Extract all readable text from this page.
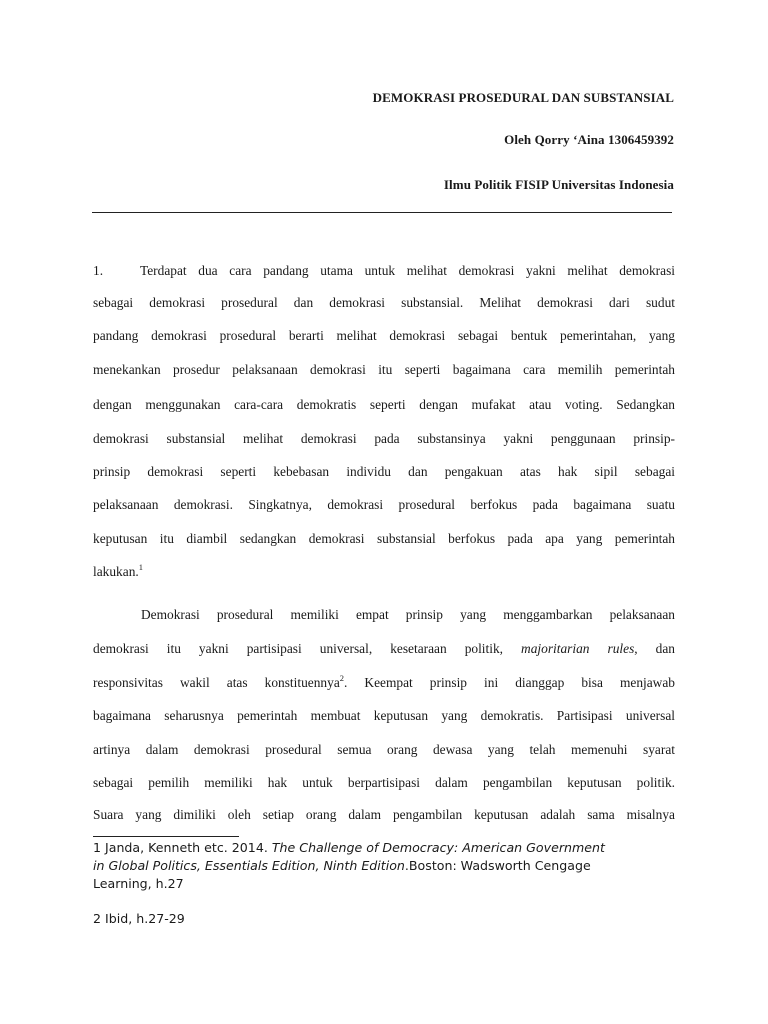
DEMOKRASI PROSEDURAL DAN SUBSTANSIAL
Oleh Qorry ‘Aina 1306459392
Ilmu Politik FISIP Universitas Indonesia
1.	Terdapat dua cara pandang utama untuk melihat demokrasi yakni melihat demokrasi
sebagai demokrasi prosedural dan demokrasi substansial. Melihat demokrasi dari sudut
pandang demokrasi prosedural berarti melihat demokrasi sebagai bentuk pemerintahan, yang
menekankan prosedur pelaksanaan demokrasi itu seperti bagaimana cara memilih pemerintah
dengan menggunakan cara-cara demokratis seperti dengan mufakat atau voting. Sedangkan
demokrasi substansial melihat demokrasi pada substansinya yakni penggunaan prinsip-
prinsip demokrasi seperti kebebasan individu dan pengakuan atas hak sipil sebagai
pelaksanaan demokrasi. Singkatnya, demokrasi prosedural berfokus pada bagaimana suatu
keputusan itu diambil sedangkan demokrasi substansial berfokus pada apa yang pemerintah
lakukan.$^1$
Demokrasi prosedural memiliki empat prinsip yang menggambarkan pelaksanaan
demokrasi itu yakni partisipasi universal, kesetaraan politik, majoritarian rules, dan
responsivitas wakil atas konstituennya$^2$. Keempat prinsip ini dianggap bisa menjawab
bagaimana seharusnya pemerintah membuat keputusan yang demokratis. Partisipasi universal
artinya dalam demokrasi prosedural semua orang dewasa yang telah memenuhi syarat
sebagai pemilih memiliki hak untuk berpartisipasi dalam pengambilan keputusan politik.
Suara yang dimiliki oleh setiap orang dalam pengambilan keputusan adalah sama misalnya
1 Janda, Kenneth etc. 2014. The Challenge of Democracy: American Government
in Global Politics, Essentials Edition, Ninth Edition.Boston: Wadsworth Cengage
Learning, h.27
2 Ibid, h.27-29
